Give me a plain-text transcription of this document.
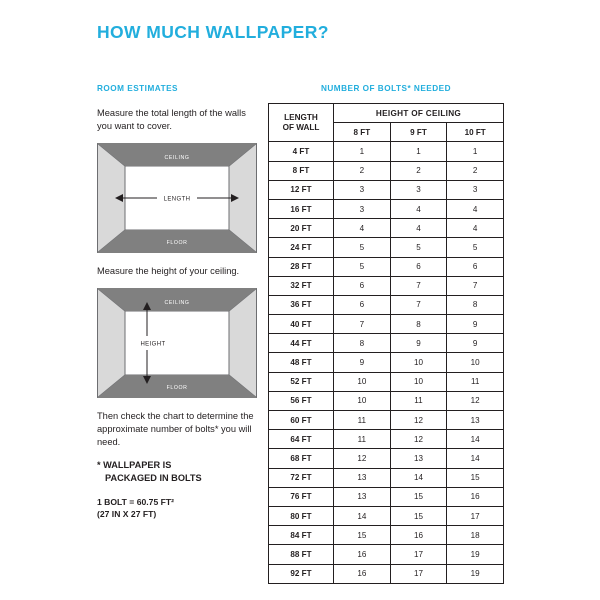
HOW MUCH WALLPAPER?
ROOM ESTIMATES

Measure the total length of the walls you want to cover.

CEILING
FLOOR
LENGTH

Measure the height of your ceiling.

CEILING
FLOOR
HEIGHT

Then check the chart to determine the approximate number of bolts* you will need.

* WALLPAPER IS
PACKAGED IN BOLTS

1 BOLT = 60.75 FT²
(27 IN X 27 FT)

NUMBER OF BOLTS* NEEDED
LENGTH
OF WALL	HEIGHT OF CEILING		
	8 FT	9 FT	10 FT
4 FT	1	1	1
8 FT	2	2	2
12 FT	3	3	3
16 FT	3	4	4
20 FT	4	4	4
24 FT	5	5	5
28 FT	5	6	6
32 FT	6	7	7
36 FT	6	7	8
40 FT	7	8	9
44 FT	8	9	9
48 FT	9	10	10
52 FT	10	10	11
56 FT	10	11	12
60 FT	11	12	13
64 FT	11	12	14
68 FT	12	13	14
72 FT	13	14	15
76 FT	13	15	16
80 FT	14	15	17
84 FT	15	16	18
88 FT	16	17	19
92 FT	16	17	19
